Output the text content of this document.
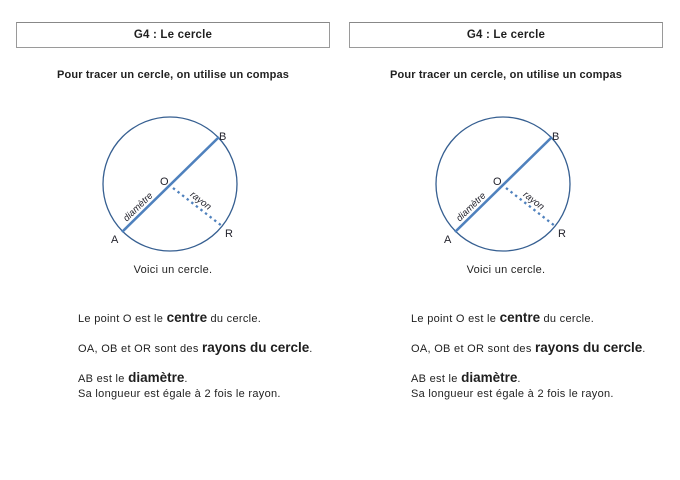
G4 : Le cercle

Pour tracer un cercle, on utilise un compas

B
O
A	R
diamètre	rayon

Voici un cercle.

Le point O est le centre du cercle.

OA, OB et OR sont des rayons du cercle.

AB est le diamètre.

Sa longueur est égale à 2 fois le rayon.

G4 : Le cercle

Pour tracer un cercle, on utilise un compas

B
O
A	R
diamètre	rayon

Voici un cercle.

Le point O est le centre du cercle.

OA, OB et OR sont des rayons du cercle.

AB est le diamètre.

Sa longueur est égale à 2 fois le rayon.
